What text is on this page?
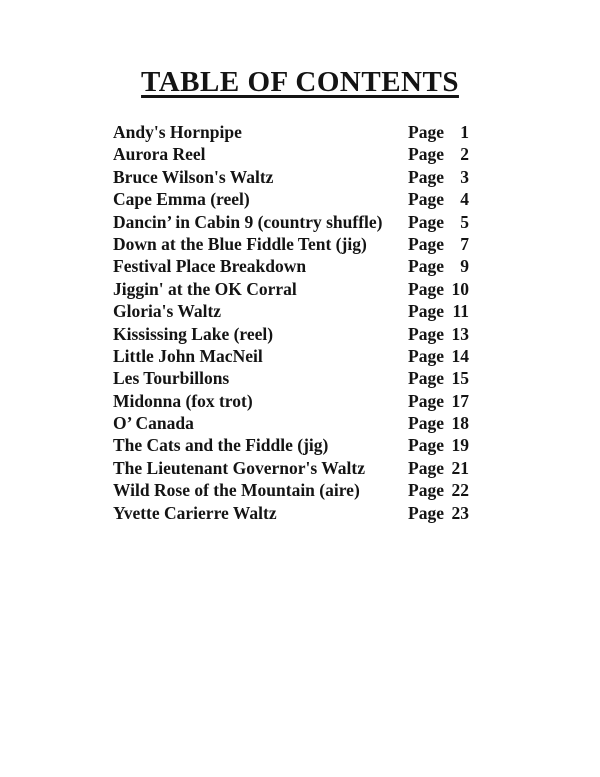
TABLE OF CONTENTS
Andy's Hornpipe	Page 1
Aurora Reel	Page 2
Bruce Wilson's Waltz	Page 3
Cape Emma (reel)	Page 4
Dancin’ in Cabin 9 (country shuffle) Page 5
Down at the Blue Fiddle Tent (jig) Page 7
Festival Place Breakdown	Page 9
Jiggin' at the OK Corral	Page 10
Gloria's Waltz	Page 11
Kississing Lake (reel)	Page 13
Little John MacNeil	Page 14
Les Tourbillons	Page 15
Midonna (fox trot)	Page 17
O’ Canada	Page 18
The Cats and the Fiddle (jig)	Page 19
The Lieutenant Governor's Waltz Page 21
Wild Rose of the Mountain (aire)	Page 22
Yvette Carierre Waltz	Page 23
